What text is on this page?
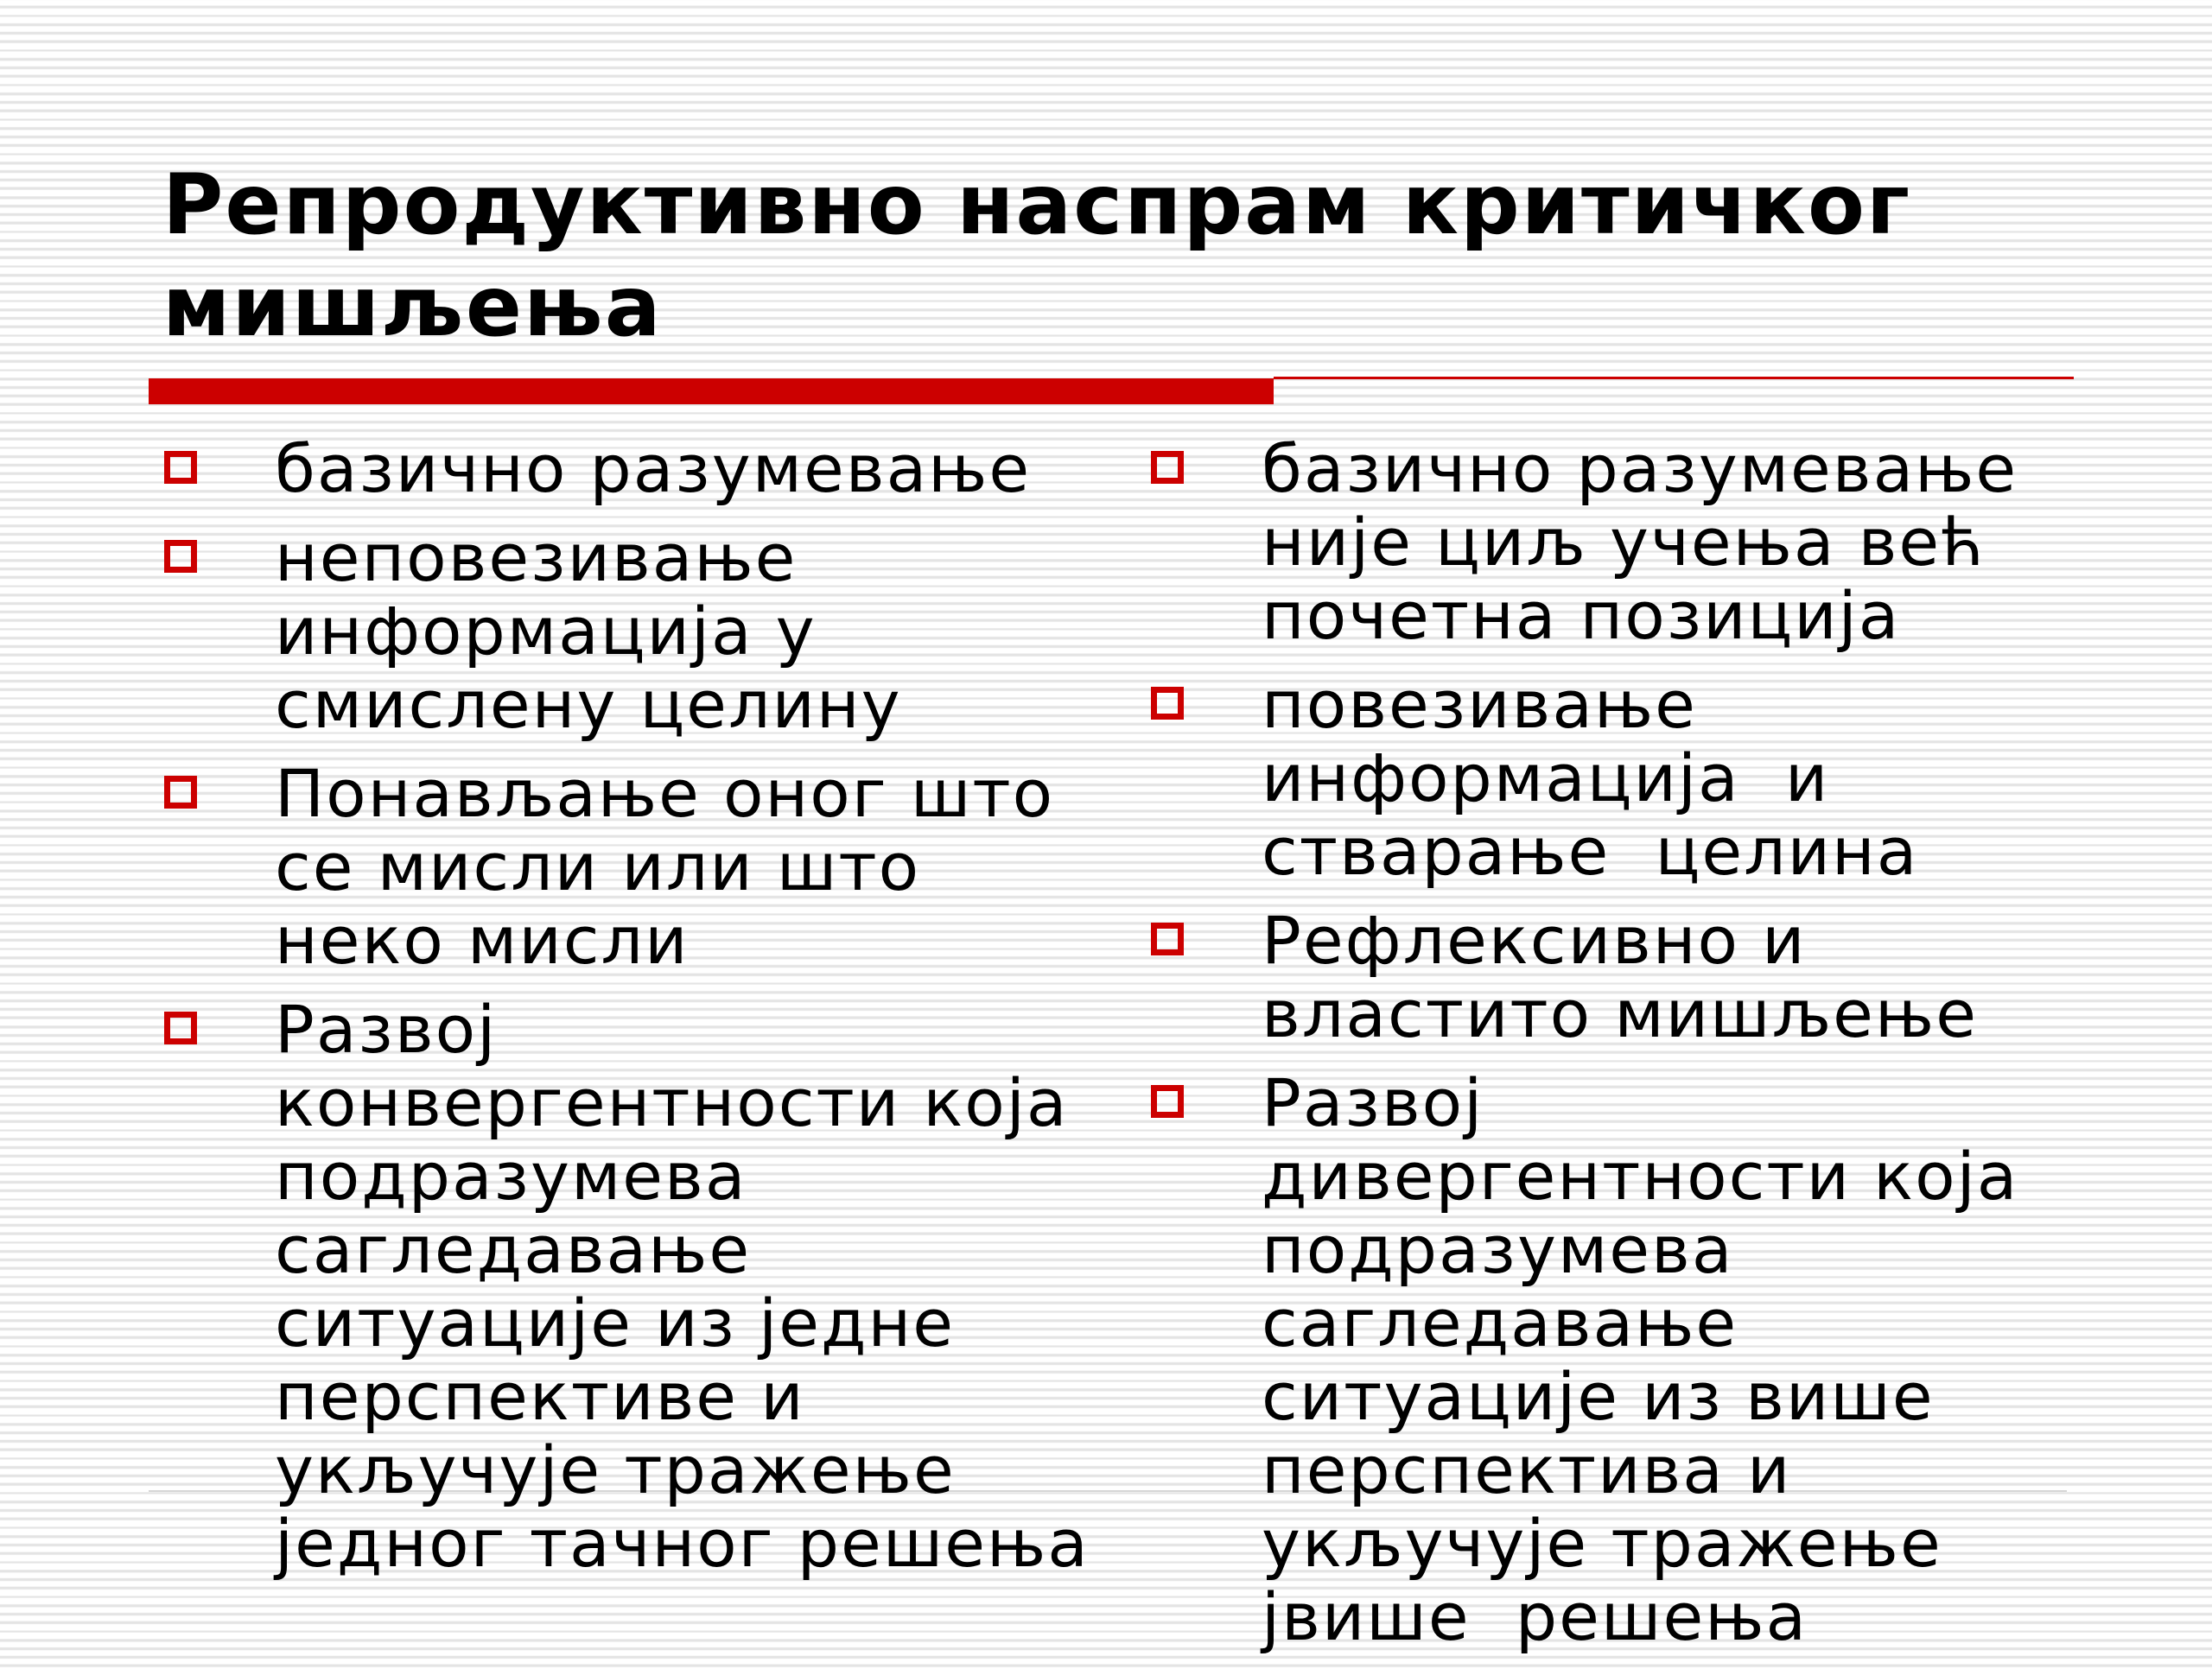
Репродуктивно наспрам критичког
мишљења
базично разумевање
неповезивање
информација у
смислену целину
Понављање оног што
се мисли или што
неко мисли
Развој
конвергентности која
подразумева
сагледавање
ситуације из једне
перспективе и
укључује тражење
једног тачног решења
базично разумевање
није циљ учења већ
почетна позиција
повезивање
информација  и
стварање  целина
Рефлексивно и
властито мишљење
Развој
дивергентности која
подразумева
сагледавање
ситуације из више
перспектива и
укључује тражење
јвише  решења
